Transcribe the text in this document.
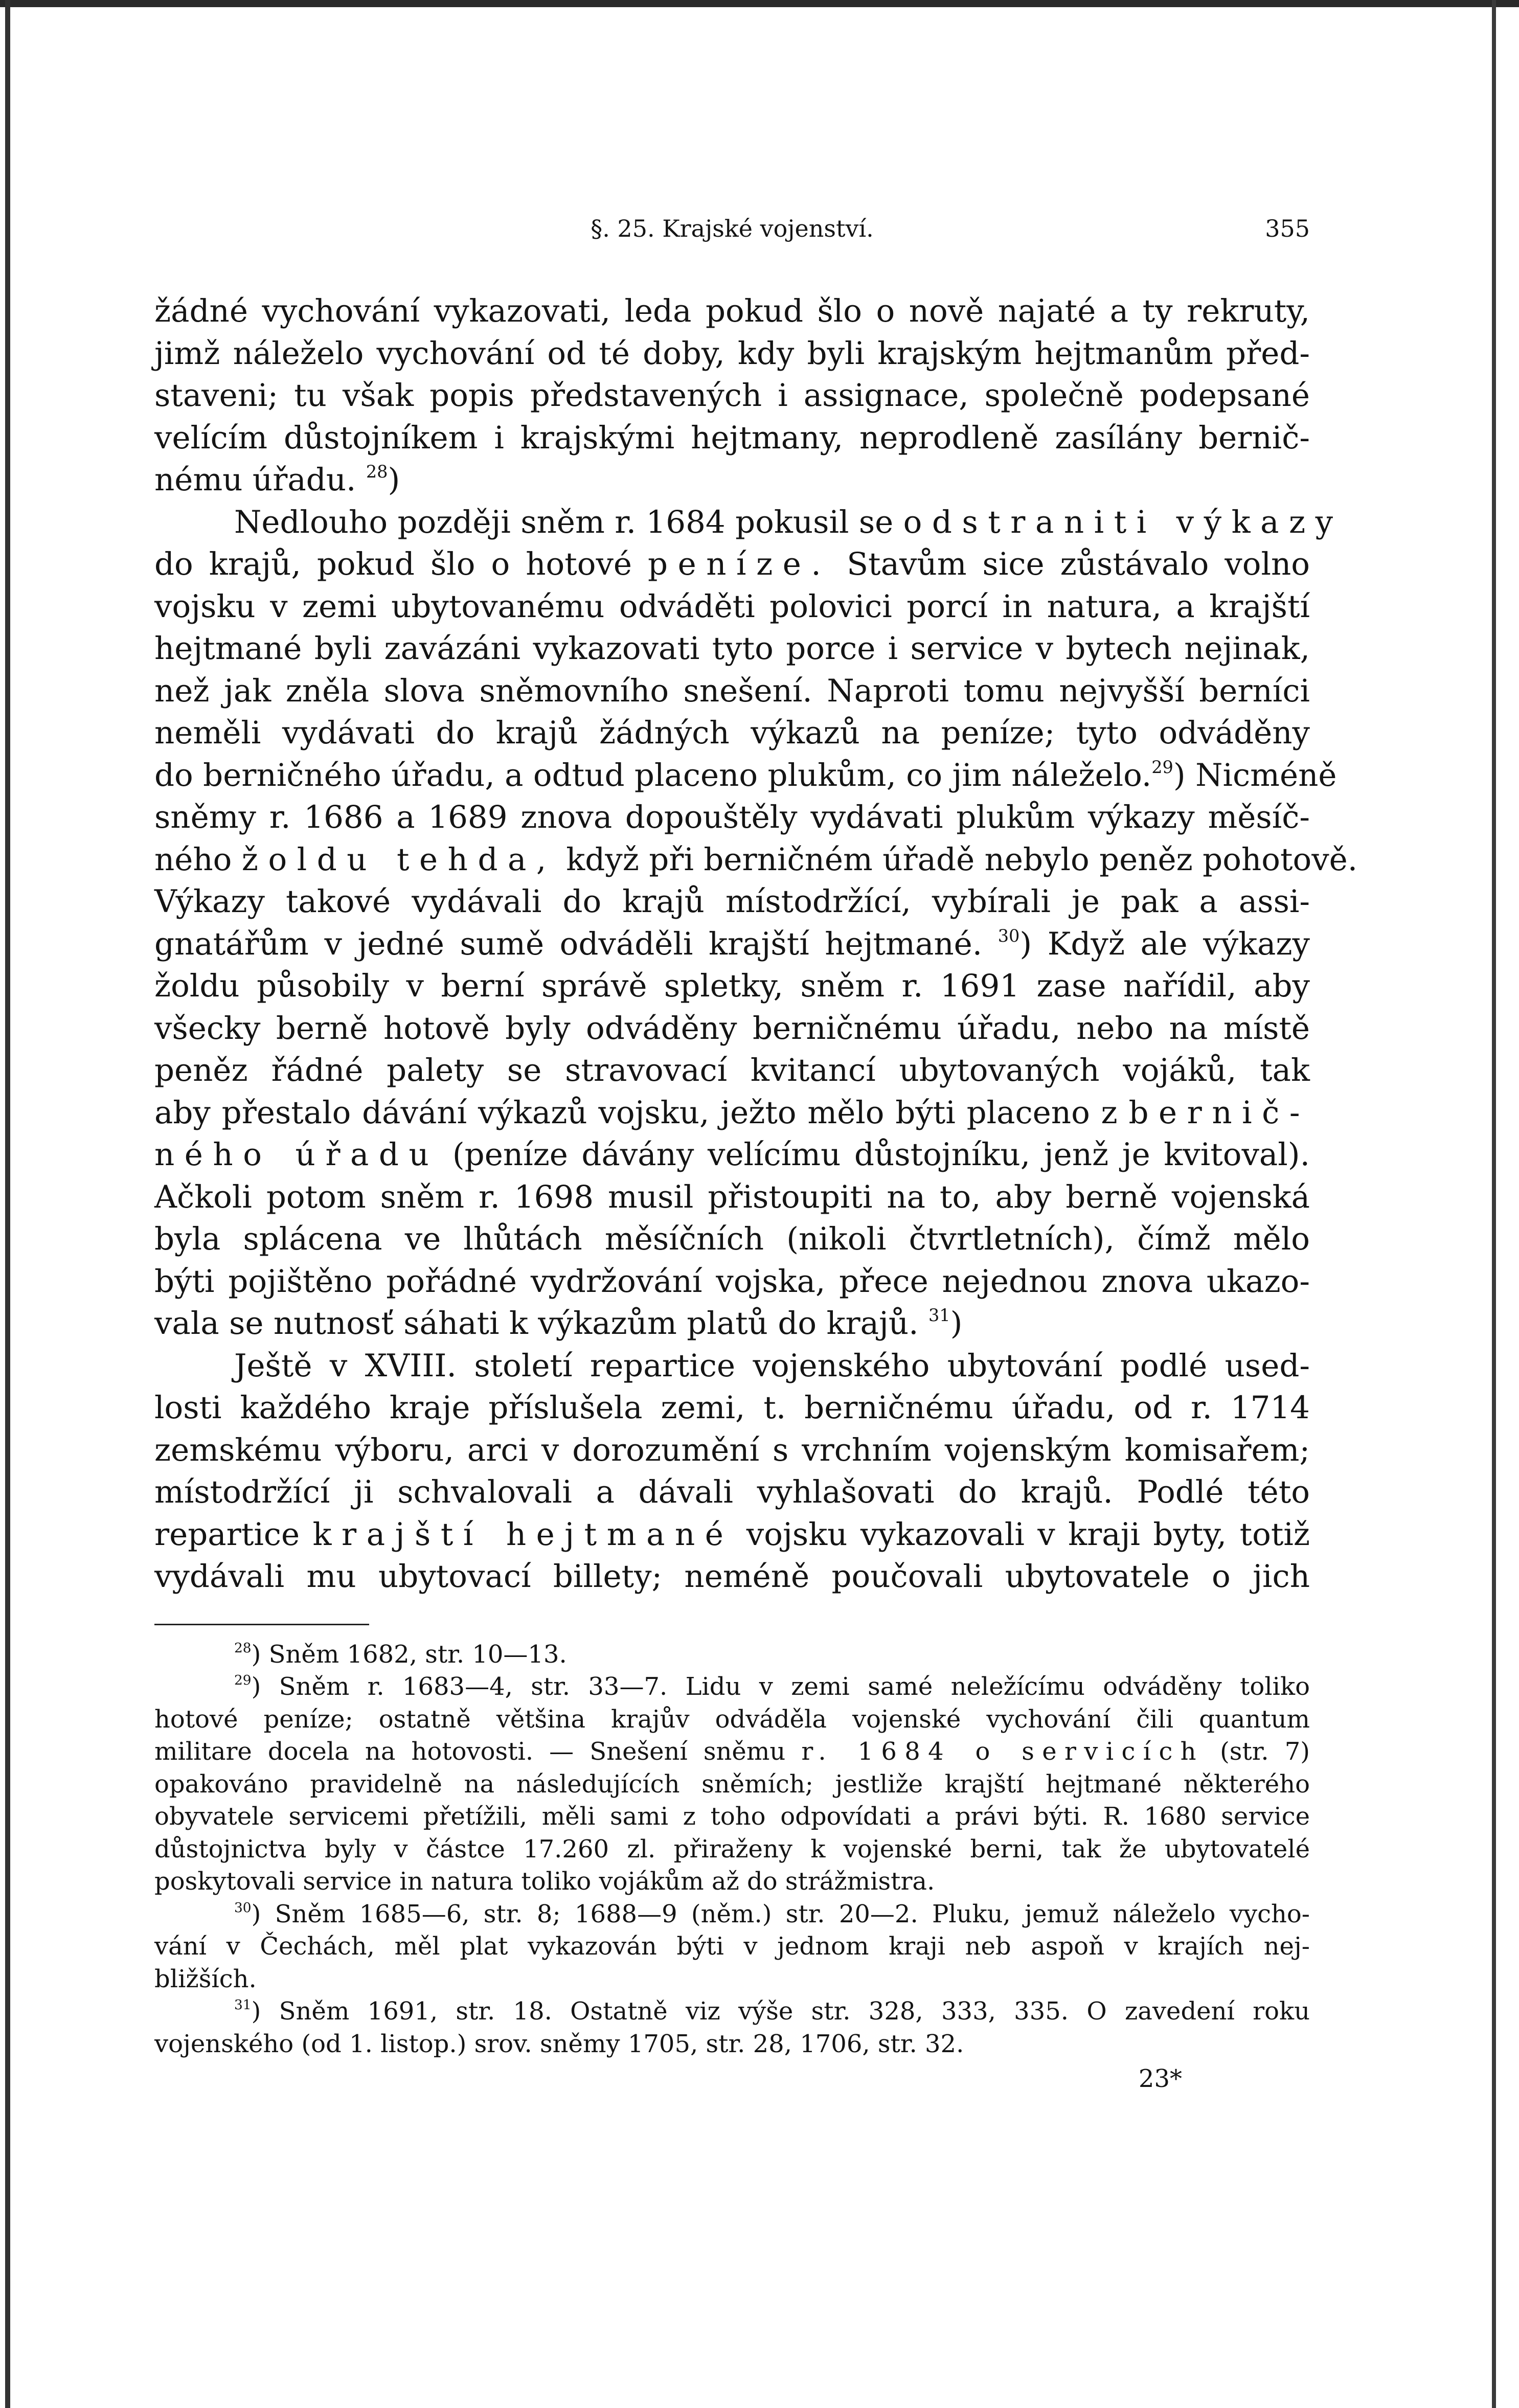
§. 25. Krajské vojenství.	355

žádné vychování vykazovati, leda pokud šlo o nově najaté a ty rekruty,
jimž náleželo vychování od té doby, kdy byli krajským hejtmanům před-
staveni; tu však popis představených i assignace, společně podepsané
velícím důstojníkem i krajskými hejtmany, neprodleně zasílány bernič-
nému úřadu. $^{28}$)

Nedlouho později sněm r. 1684 pokusil se odstraniti výkazy
do krajů, pokud šlo o hotové peníze. Stavům sice zůstávalo volno
vojsku v zemi ubytovanému odváděti polovici porcí in natura, a krajští
hejtmané byli zavázáni vykazovati tyto porce i service v bytech nejinak,
než jak zněla slova sněmovního snešení. Naproti tomu nejvyšší berníci
neměli vydávati do krajů žádných výkazů na peníze; tyto odváděny
do berničného úřadu, a odtud placeno plukům, co jim náleželo.$^{29}$) Nicméně
sněmy r. 1686 a 1689 znova dopouštěly vydávati plukům výkazy měsíč-
ného žoldu tehda, když při berničném úřadě nebylo peněz pohotově.
Výkazy takové vydávali do krajů místodržící, vybírali je pak a assi-
gnatářům v jedné sumě odváděli krajští hejtmané. $^{30}$) Když ale výkazy
žoldu působily v berní správě spletky, sněm r. 1691 zase nařídil, aby
všecky berně hotově byly odváděny berničnému úřadu, nebo na místě
peněz řádné palety se stravovací kvitancí ubytovaných vojáků, tak
aby přestalo dávání výkazů vojsku, ježto mělo býti placeno z bernič-
ného úřadu (peníze dávány velícímu důstojníku, jenž je kvitoval).
Ačkoli potom sněm r. 1698 musil přistoupiti na to, aby berně vojenská
byla splácena ve lhůtách měsíčních (nikoli čtvrtletních), čímž mělo
býti pojištěno pořádné vydržování vojska, přece nejednou znova ukazo-
vala se nutnosť sáhati k výkazům platů do krajů. $^{31}$)

Ještě v XVIII. století repartice vojenského ubytování podlé used-
losti každého kraje příslušela zemi, t. berničnému úřadu, od r. 1714
zemskému výboru, arci v dorozumění s vrchním vojenským komisařem;
místodržící ji schvalovali a dávali vyhlašovati do krajů. Podlé této
repartice krajští hejtmané vojsku vykazovali v kraji byty, totiž
vydávali mu ubytovací billety; neméně poučovali ubytovatele o jich

$^{28}$) Sněm 1682, str. 10—13.
$^{29}$) Sněm r. 1683—4, str. 33—7. Lidu v zemi samé neležícímu odváděny toliko
hotové peníze; ostatně většina krajův odváděla vojenské vychování čili quantum
militare docela na hotovosti. — Snešení sněmu r. 1684 o servicích (str. 7)
opakováno pravidelně na následujících sněmích; jestliže krajští hejtmané některého
obyvatele servicemi přetížili, měli sami z toho odpovídati a právi býti. R. 1680 service
důstojnictva byly v částce 17.260 zl. přiraženy k vojenské berni, tak že ubytovatelé
poskytovali service in natura toliko vojákům až do strážmistra.
$^{30}$) Sněm 1685—6, str. 8; 1688—9 (něm.) str. 20—2. Pluku, jemuž náleželo vycho-
vání v Čechách, měl plat vykazován býti v jednom kraji neb aspoň v krajích nej-
bližších.
$^{31}$) Sněm 1691, str. 18. Ostatně viz výše str. 328, 333, 335. O zavedení roku
vojenského (od 1. listop.) srov. sněmy 1705, str. 28, 1706, str. 32.
23*
